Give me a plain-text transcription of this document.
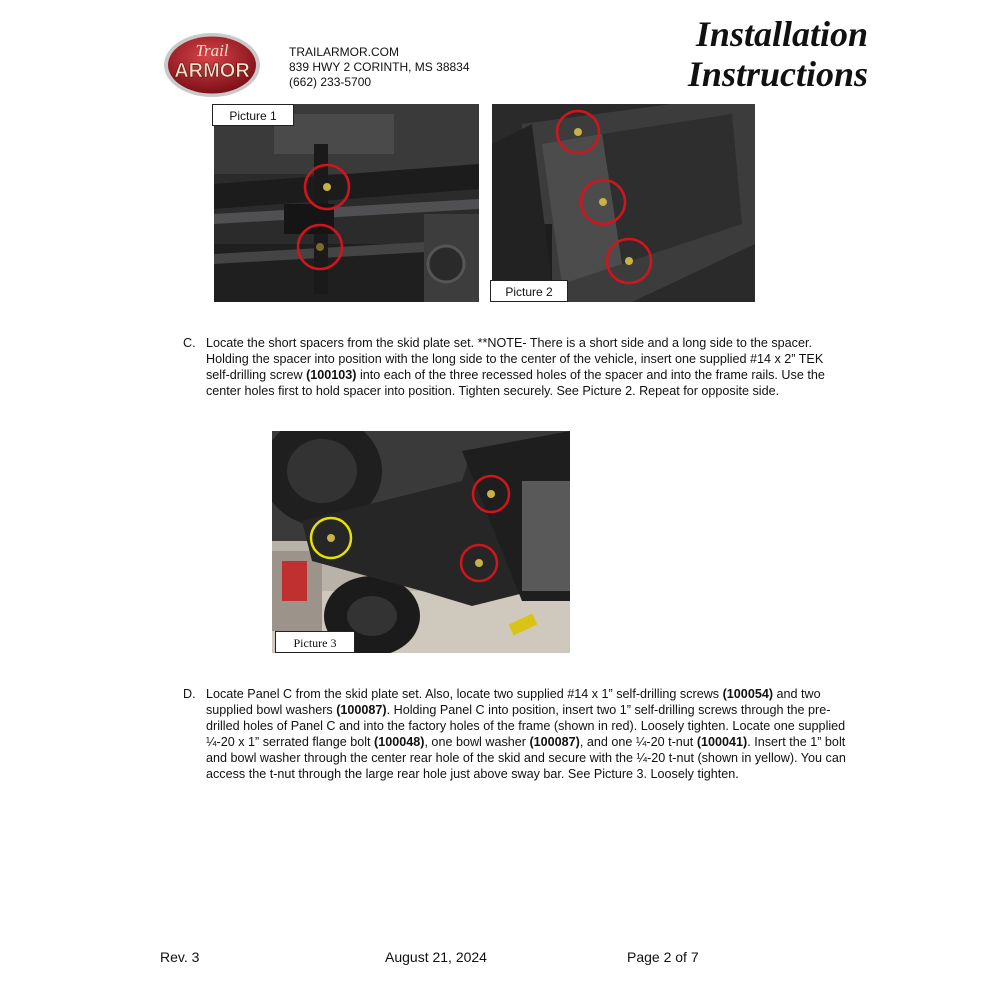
Trail
ARMOR
TRAILARMOR.COM
839 HWY 2 CORINTH, MS 38834
(662) 233-5700
Installation
Instructions
Picture 1
Picture 2
C. Locate the short spacers from the skid plate set. **NOTE- There is a short side and a long side to the spacer. Holding the spacer into position with the long side to the center of the vehicle, insert one supplied #14 x 2” TEK self-drilling screw (100103) into each of the three recessed holes of the spacer and into the frame rails. Use the center holes first to hold spacer into position. Tighten securely. See Picture 2. Repeat for opposite side.
Picture 3
D. Locate Panel C from the skid plate set. Also, locate two supplied #14 x 1” self-drilling screws (100054) and two supplied bowl washers (100087). Holding Panel C into position, insert two 1” self-drilling screws through the pre-drilled holes of Panel C and into the factory holes of the frame (shown in red). Loosely tighten. Locate one supplied ¼-20 x 1” serrated flange bolt (100048), one bowl washer (100087), and one ¼-20 t-nut (100041). Insert the 1” bolt and bowl washer through the center rear hole of the skid and secure with the ¼-20 t-nut (shown in yellow). You can access the t-nut through the large rear hole just above sway bar. See Picture 3. Loosely tighten.
Rev. 3	August 21, 2024	Page 2 of 7
